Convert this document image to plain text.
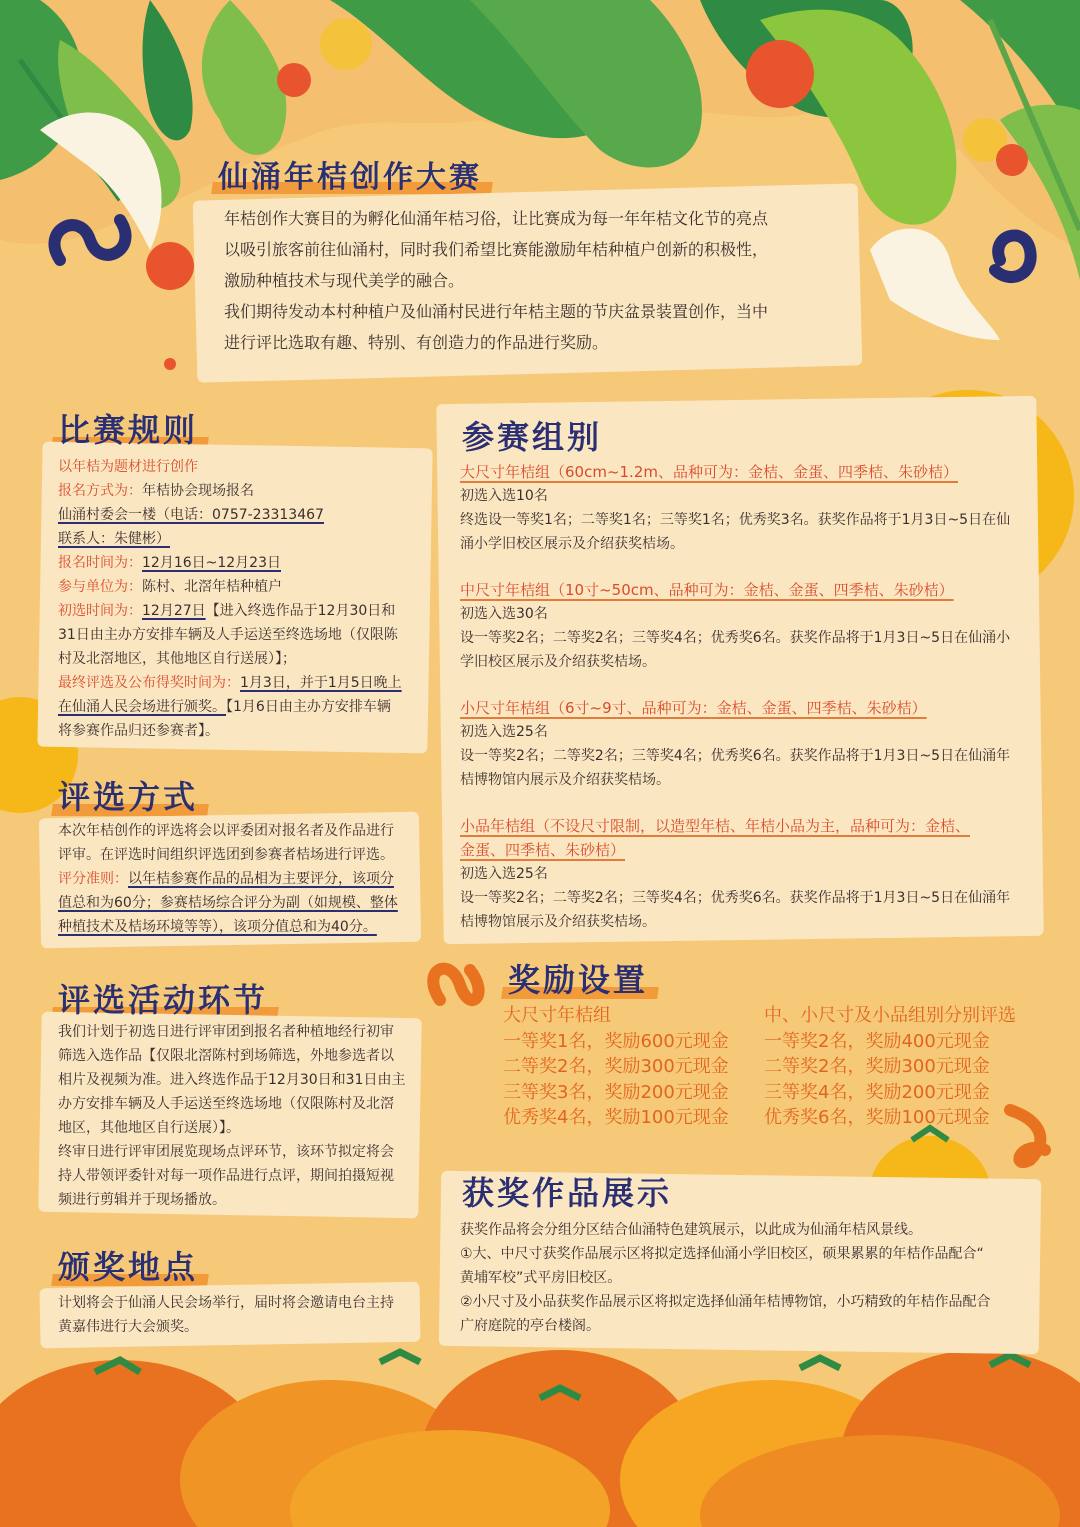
仙涌年桔创作大赛
年桔创作大赛目的为孵化仙涌年桔习俗，让比赛成为每一年年桔文化节的亮点
以吸引旅客前往仙涌村，同时我们希望比赛能激励年桔种植户创新的积极性，
激励种植技术与现代美学的融合。
我们期待发动本村种植户及仙涌村民进行年桔主题的节庆盆景装置创作，当中
进行评比选取有趣、特别、有创造力的作品进行奖励。
比赛规则
以年桔为题材进行创作
报名方式为：年桔协会现场报名
仙涌村委会一楼（电话：0757-23313467
联系人：朱健彬）
报名时间为：12月16日~12月23日
参与单位为：陈村、北滘年桔种植户
初选时间为：12月27日【进入终选作品于12月30日和
31日由主办方安排车辆及人手运送至终选场地（仅限陈
村及北滘地区，其他地区自行送展）】；
最终评选及公布得奖时间为：1月3日，并于1月5日晚上
在仙涌人民会场进行颁奖。【1月6日由主办方安排车辆
将参赛作品归还参赛者】。
评选方式
本次年桔创作的评选将会以评委团对报名者及作品进行
评审。在评选时间组织评选团到参赛者桔场进行评选。
评分准则：以年桔参赛作品的品相为主要评分，该项分
值总和为60分；参赛桔场综合评分为副（如规模、整体
种植技术及桔场环境等等），该项分值总和为40分。
评选活动环节
我们计划于初选日进行评审团到报名者种植地经行初审
筛选入选作品【仅限北滘陈村到场筛选，外地参选者以
相片及视频为准。进入终选作品于12月30日和31日由主
办方安排车辆及人手运送至终选场地（仅限陈村及北滘
地区，其他地区自行送展）】。
终审日进行评审团展览现场点评环节，该环节拟定将会
持人带领评委针对每一项作品进行点评，期间拍摄短视
频进行剪辑并于现场播放。
颁奖地点
计划将会于仙涌人民会场举行，届时将会邀请电台主持
黄嘉伟进行大会颁奖。
参赛组别
大尺寸年桔组（60cm~1.2m、品种可为：金桔、金蛋、四季桔、朱砂桔）
初选入选10名
终选设一等奖1名；二等奖1名；三等奖1名；优秀奖3名。获奖作品将于1月3日~5日在仙
涌小学旧校区展示及介绍获奖桔场。
中尺寸年桔组（10寸~50cm、品种可为：金桔、金蛋、四季桔、朱砂桔）
初选入选30名
设一等奖2名；二等奖2名；三等奖4名；优秀奖6名。获奖作品将于1月3日~5日在仙涌小
学旧校区展示及介绍获奖桔场。
小尺寸年桔组（6寸~9寸、品种可为：金桔、金蛋、四季桔、朱砂桔）
初选入选25名
设一等奖2名；二等奖2名；三等奖4名；优秀奖6名。获奖作品将于1月3日~5日在仙涌年
桔博物馆内展示及介绍获奖桔场。
小品年桔组（不设尺寸限制，以造型年桔、年桔小品为主，品种可为：金桔、
金蛋、四季桔、朱砂桔）
初选入选25名
设一等奖2名；二等奖2名；三等奖4名；优秀奖6名。获奖作品将于1月3日~5日在仙涌年
桔博物馆展示及介绍获奖桔场。
奖励设置
大尺寸年桔组
一等奖1名，奖励600元现金
二等奖2名，奖励300元现金
三等奖3名，奖励200元现金
优秀奖4名，奖励100元现金
中、小尺寸及小品组别分别评选
一等奖2名，奖励400元现金
二等奖2名，奖励300元现金
三等奖4名，奖励200元现金
优秀奖6名，奖励100元现金
获奖作品展示
获奖作品将会分组分区结合仙涌特色建筑展示，以此成为仙涌年桔风景线。
①大、中尺寸获奖作品展示区将拟定选择仙涌小学旧校区，硕果累累的年桔作品配合“
黄埔军校”式平房旧校区。
②小尺寸及小品获奖作品展示区将拟定选择仙涌年桔博物馆，小巧精致的年桔作品配合
广府庭院的亭台楼阁。
